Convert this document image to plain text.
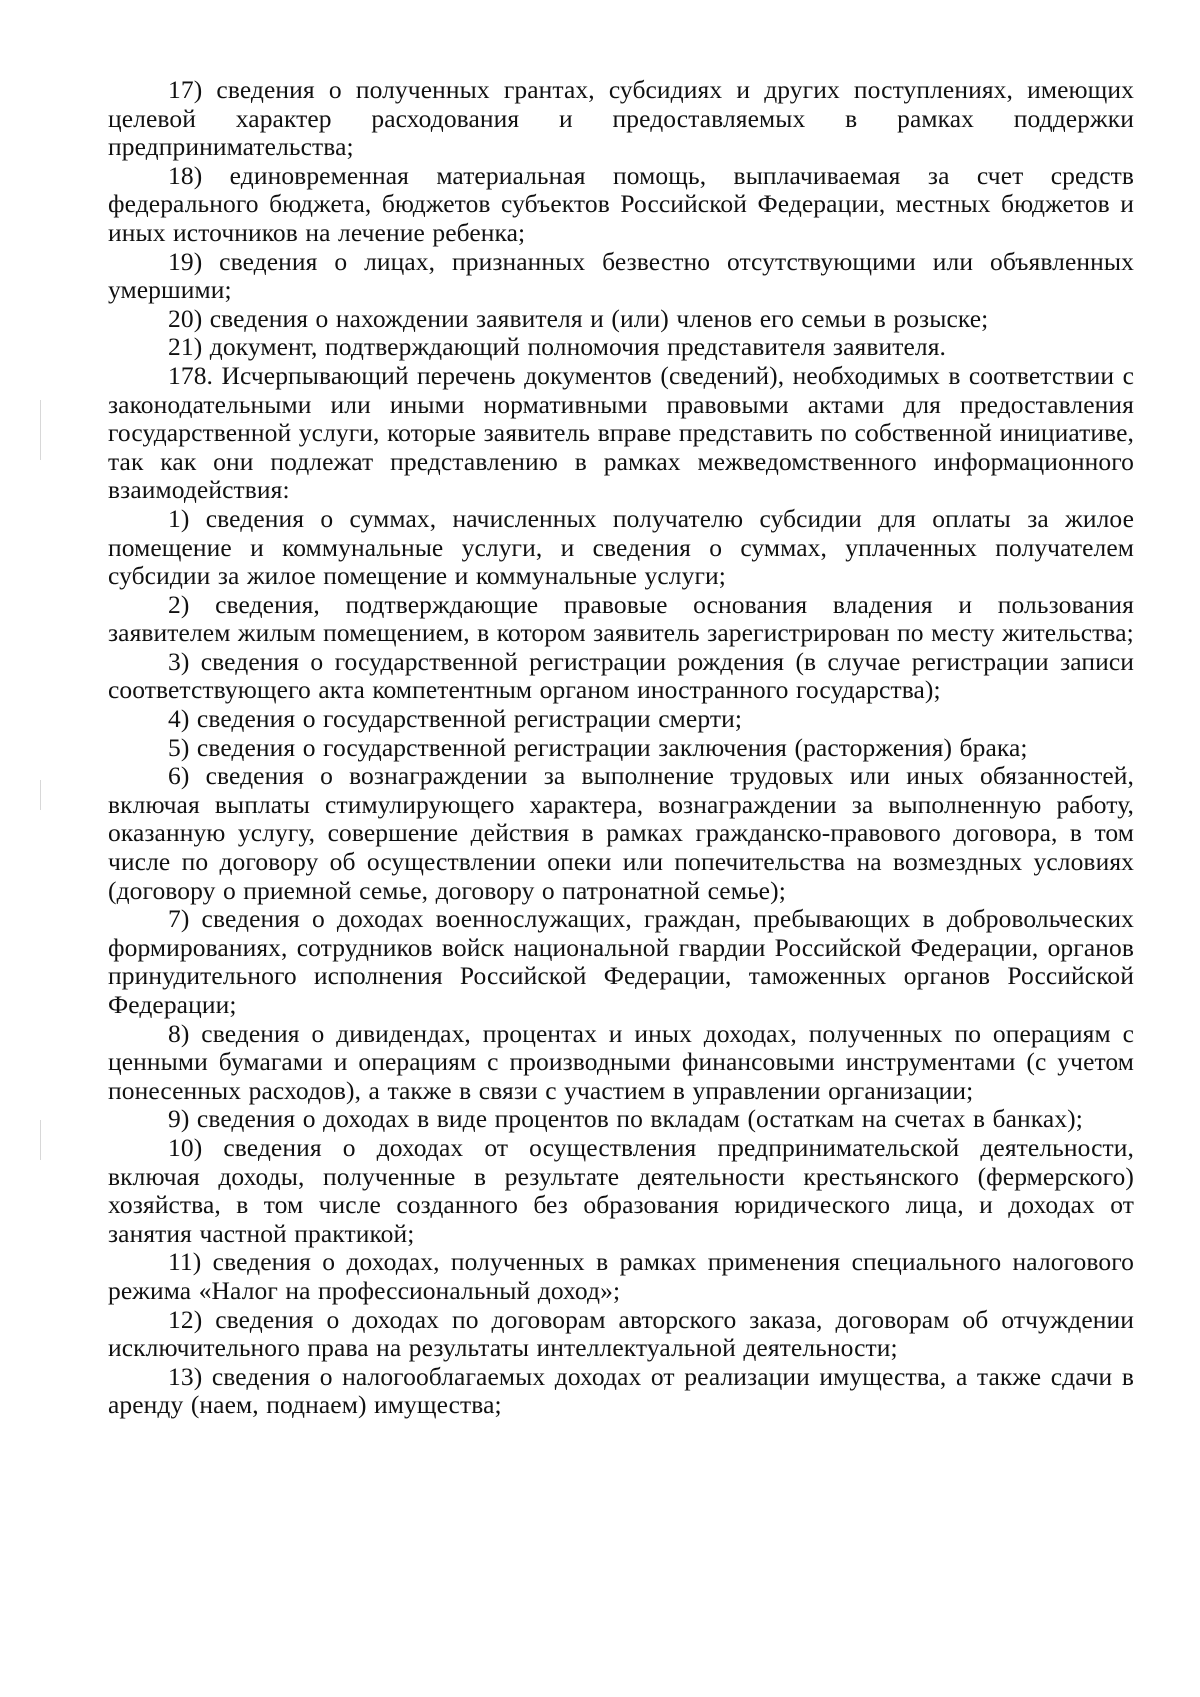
17) сведения о полученных грантах, субсидиях и других поступлениях, имеющих целевой характер расходования и предоставляемых в рамках поддержки предпринимательства;

18) единовременная материальная помощь, выплачиваемая за счет средств федерального бюджета, бюджетов субъектов Российской Федерации, местных бюджетов и иных источников на лечение ребенка;

19) сведения о лицах, признанных безвестно отсутствующими или объявленных умершими;

20) сведения о нахождении заявителя и (или) членов его семьи в розыске;

21) документ, подтверждающий полномочия представителя заявителя.

178. Исчерпывающий перечень документов (сведений), необходимых в соответствии с законодательными или иными нормативными правовыми актами для предоставления государственной услуги, которые заявитель вправе представить по собственной инициативе, так как они подлежат представлению в рамках межведомственного информационного взаимодействия:

1) сведения о суммах, начисленных получателю субсидии для оплаты за жилое помещение и коммунальные услуги, и сведения о суммах, уплаченных получателем субсидии за жилое помещение и коммунальные услуги;

2) сведения, подтверждающие правовые основания владения и пользования заявителем жилым помещением, в котором заявитель зарегистрирован по месту жительства;

3) сведения о государственной регистрации рождения (в случае регистрации записи соответствующего акта компетентным органом иностранного государства);

4) сведения о государственной регистрации смерти;

5) сведения о государственной регистрации заключения (расторжения) брака;

6) сведения о вознаграждении за выполнение трудовых или иных обязанностей, включая выплаты стимулирующего характера, вознаграждении за выполненную работу, оказанную услугу, совершение действия в рамках гражданско-правового договора, в том числе по договору об осуществлении опеки или попечительства на возмездных условиях (договору о приемной семье, договору о патронатной семье);

7) сведения о доходах военнослужащих, граждан, пребывающих в добровольческих формированиях, сотрудников войск национальной гвардии Российской Федерации, органов принудительного исполнения Российской Федерации, таможенных органов Российской Федерации;

8) сведения о дивидендах, процентах и иных доходах, полученных по операциям с ценными бумагами и операциям с производными финансовыми инструментами (с учетом понесенных расходов), а также в связи с участием в управлении организации;

9) сведения о доходах в виде процентов по вкладам (остаткам на счетах в банках);

10) сведения о доходах от осуществления предпринимательской деятельности, включая доходы, полученные в результате деятельности крестьянского (фермерского) хозяйства, в том числе созданного без образования юридического лица, и доходах от занятия частной практикой;

11) сведения о доходах, полученных в рамках применения специального налогового режима «Налог на профессиональный доход»;

12) сведения о доходах по договорам авторского заказа, договорам об отчуждении исключительного права на результаты интеллектуальной деятельности;

13) сведения о налогооблагаемых доходах от реализации имущества, а также сдачи в аренду (наем, поднаем) имущества;
